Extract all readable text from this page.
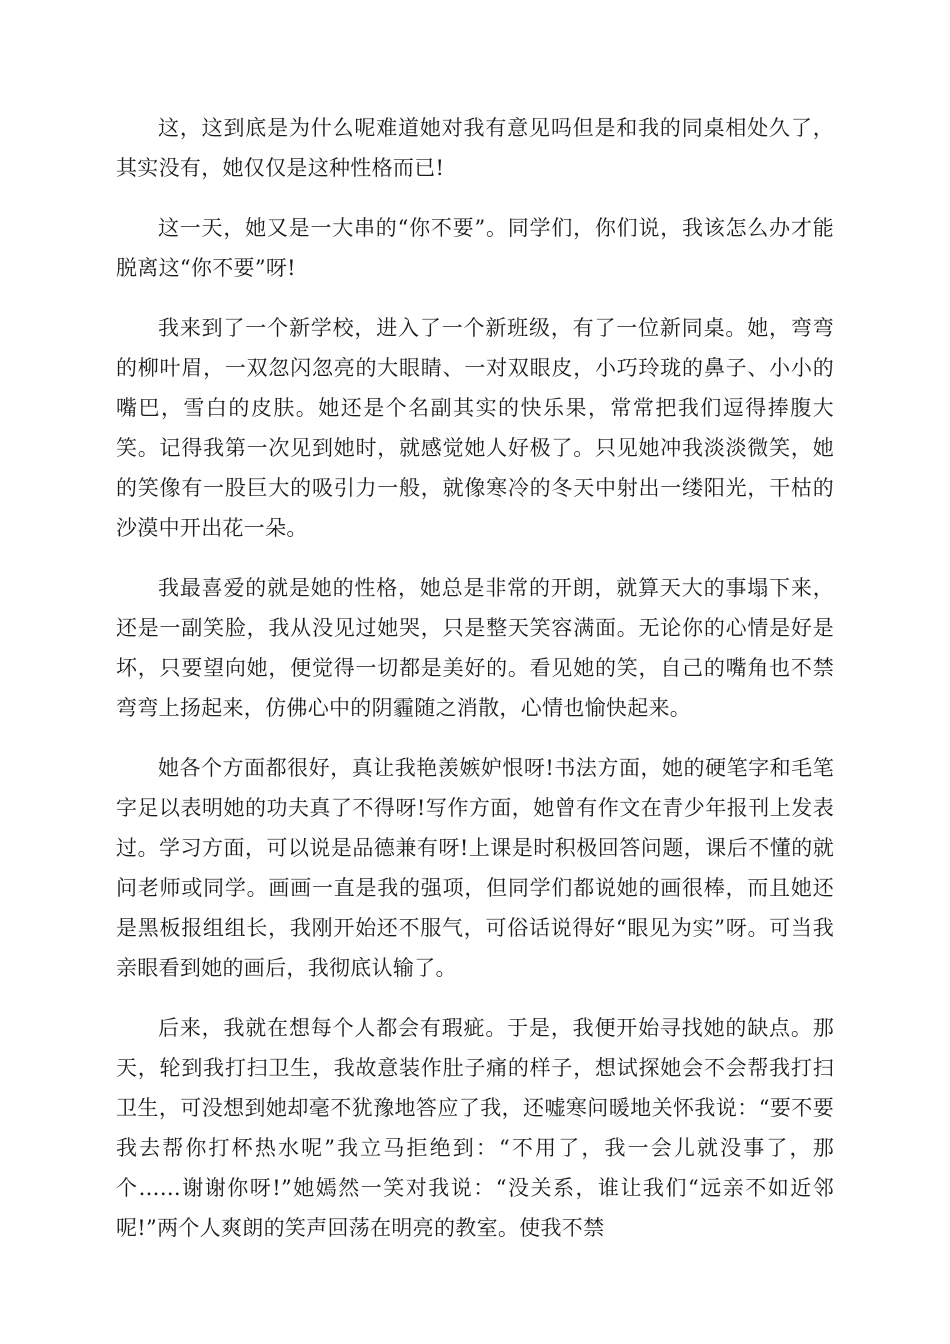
这，这到底是为什么呢难道她对我有意见吗但是和我的同桌相处久了，其实没有，她仅仅是这种性格而已!

这一天，她又是一大串的“你不要”。同学们，你们说，我该怎么办才能脱离这“你不要”呀!

我来到了一个新学校，进入了一个新班级，有了一位新同桌。她，弯弯的柳叶眉，一双忽闪忽亮的大眼睛、一对双眼皮，小巧玲珑的鼻子、小小的嘴巴，雪白的皮肤。她还是个名副其实的快乐果，常常把我们逗得捧腹大笑。记得我第一次见到她时，就感觉她人好极了。只见她冲我淡淡微笑，她的笑像有一股巨大的吸引力一般，就像寒冷的冬天中射出一缕阳光，干枯的沙漠中开出花一朵。

我最喜爱的就是她的性格，她总是非常的开朗，就算天大的事塌下来，还是一副笑脸，我从没见过她哭，只是整天笑容满面。无论你的心情是好是坏，只要望向她，便觉得一切都是美好的。看见她的笑，自己的嘴角也不禁弯弯上扬起来，仿佛心中的阴霾随之消散，心情也愉快起来。

她各个方面都很好，真让我艳羡嫉妒恨呀!书法方面，她的硬笔字和毛笔字足以表明她的功夫真了不得呀!写作方面，她曾有作文在青少年报刊上发表过。学习方面，可以说是品德兼有呀!上课是时积极回答问题，课后不懂的就问老师或同学。画画一直是我的强项，但同学们都说她的画很棒，而且她还是黑板报组组长，我刚开始还不服气，可俗话说得好“眼见为实”呀。可当我亲眼看到她的画后，我彻底认输了。

后来，我就在想每个人都会有瑕疵。于是，我便开始寻找她的缺点。那天，轮到我打扫卫生，我故意装作肚子痛的样子，想试探她会不会帮我打扫卫生，可没想到她却毫不犹豫地答应了我，还嘘寒问暖地关怀我说：“要不要我去帮你打杯热水呢”我立马拒绝到：“不用了，我一会儿就没事了，那个……谢谢你呀!”她嫣然一笑对我说：“没关系，谁让我们“远亲不如近邻呢!”两个人爽朗的笑声回荡在明亮的教室。使我不禁
